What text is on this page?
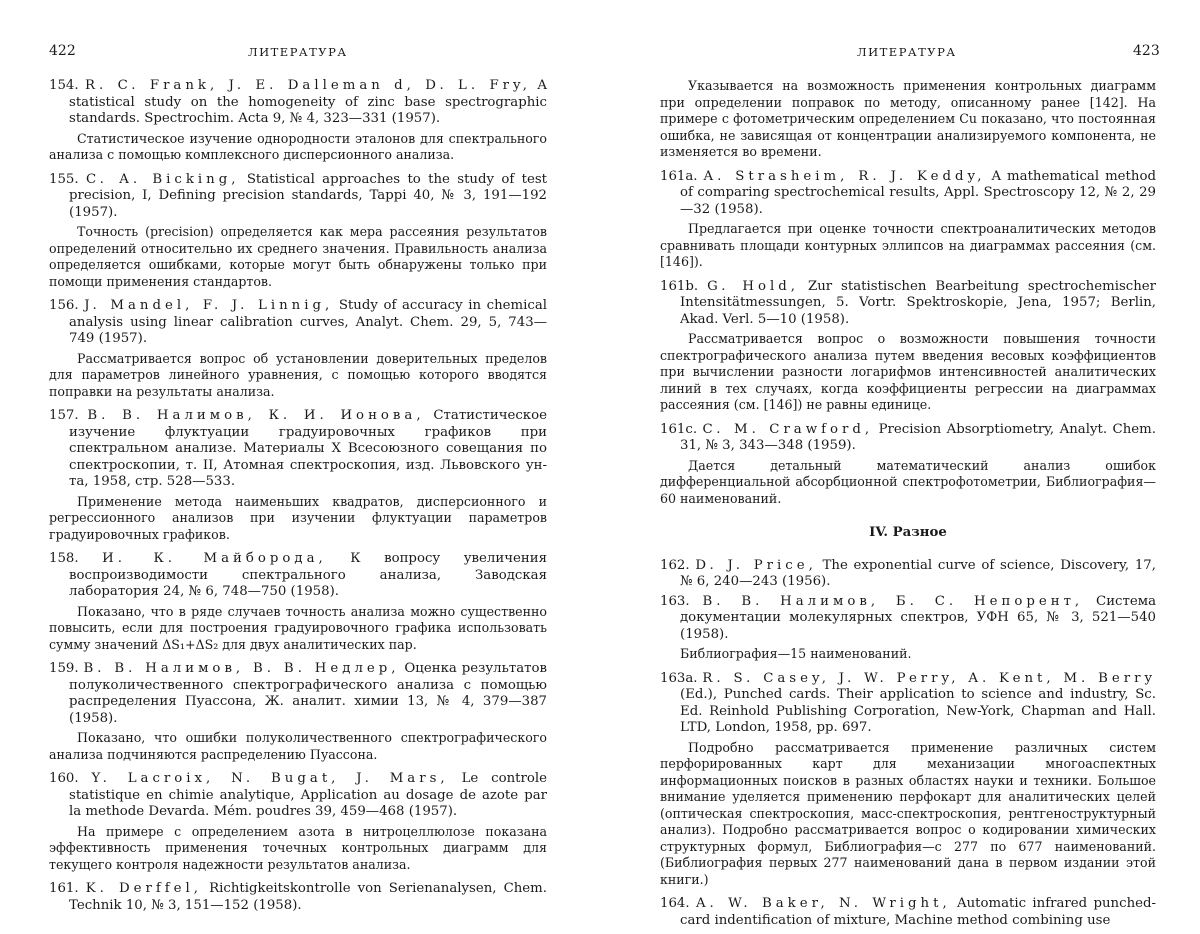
422	ЛИТЕРАТУРА

154. R. C. Frank, J. E. Dalleman d, D. L. Fry, A statistical study on the homogeneity of zinc base spectrographic standards. Spectrochim. Acta 9, № 4, 323—331 (1957).

Статистическое изучение однородности эталонов для спектрального анализа с помощью комплексного дисперсионного анализа.

155. C. A. Bicking, Statistical approaches to the study of test precision, I, Defining precision standards, Tappi 40, № 3, 191—192 (1957).

Точность (precision) определяется как мера рассеяния результатов определений относительно их среднего значения. Правильность анализа определяется ошибками, которые могут быть обнаружены только при помощи применения стандартов.

156. J. Mandel, F. J. Linnig, Study of accuracy in chemical analysis using linear calibration curves, Analyt. Chem. 29, 5, 743—749 (1957).

Рассматривается вопрос об установлении доверительных пределов для параметров линейного уравнения, с помощью которого вводятся поправки на результаты анализа.

157. В. В. Налимов, К. И. Ионова, Статистическое изучение флуктуации градуировочных графиков при спектральном анализе. Материалы X Всесоюзного совещания по спектроскопии, т. II, Атомная спектроскопия, изд. Львовского ун-та, 1958, стр. 528—533.

Применение метода наименьших квадратов, дисперсионного и регрессионного анализов при изучении флуктуации параметров градуировочных графиков.

158. И. К. Майборода, К вопросу увеличения воспроизводимости спектрального анализа, Заводская лаборатория 24, № 6, 748—750 (1958).

Показано, что в ряде случаев точность анализа можно существенно повысить, если для построения градуировочного графика использовать сумму значений ΔS₁+ΔS₂ для двух аналитических пар.

159. В. В. Налимов, В. В. Недлер, Оценка результатов полуколичественного спектрографического анализа с помощью распределения Пуассона, Ж. аналит. химии 13, № 4, 379—387 (1958).

Показано, что ошибки полуколичественного спектрографического анализа подчиняются распределению Пуассона.

160. Y. Lacroix, N. Bugat, J. Mars, Le controle statistique en chimie analytique, Application au dosage de azote par la methode Devarda. Mém. poudres 39, 459—468 (1957).

На примере с определением азота в нитроцеллюлозе показана эффективность применения точечных контрольных диаграмм для текущего контроля надежности результатов анализа.

161. K. Derffel, Richtigkeitskontrolle von Serienanalysen, Chem. Technik 10, № 3, 151—152 (1958).

ЛИТЕРАТУРА	423

Указывается на возможность применения контрольных диаграмм при определении поправок по методу, описанному ранее [142]. На примере с фотометрическим определением Cu показано, что постоянная ошибка, не зависящая от концентрации анализируемого компонента, не изменяется во времени.

161a. A. Strasheim, R. J. Keddy, A mathematical method of comparing spectrochemical results, Appl. Spectroscopy 12, № 2, 29—32 (1958).

Предлагается при оценке точности спектроаналитических методов сравнивать площади контурных эллипсов на диаграммах рассеяния (см. [146]).

161b. G. Hold, Zur statistischen Bearbeitung spectrochemischer Intensitätmessungen, 5. Vortr. Spektroskopie, Jena, 1957; Berlin, Akad. Verl. 5—10 (1958).

Рассматривается вопрос о возможности повышения точности спектрографического анализа путем введения весовых коэффициентов при вычислении разности логарифмов интенсивностей аналитических линий в тех случаях, когда коэффициенты регрессии на диаграммах рассеяния (см. [146]) не равны единице.

161c. C. M. Crawford, Precision Absorptiometry, Analyt. Chem. 31, № 3, 343—348 (1959).

Дается детальный математический анализ ошибок дифференциальной абсорбционной спектрофотометрии, Библиография—60 наименований.

IV. Разное

162. D. J. Price, The exponential curve of science, Discovery, 17, № 6, 240—243 (1956).

163. В. В. Налимов, Б. С. Непорент, Система документации молекулярных спектров, УФН 65, № 3, 521—540 (1958).

Библиография—15 наименований.

163a. R. S. Casey, J. W. Perry, A. Kent, M. Berry (Ed.), Punched cards. Their application to science and industry, Sc. Ed. Reinhold Publishing Corporation, New-York, Chapman and Hall. LTD, London, 1958, pp. 697.

Подробно рассматривается применение различных систем перфорированных карт для механизации многоаспектных информационных поисков в разных областях науки и техники. Большое внимание уделяется применению перфокарт для аналитических целей (оптическая спектроскопия, масс-спектроскопия, рентгеноструктурный анализ). Подробно рассматривается вопрос о кодировании химических структурных формул, Библиография—с 277 по 677 наименований. (Библиография первых 277 наименований дана в первом издании этой книги.)

164. A. W. Baker, N. Wright, Automatic infrared punched-card indentification of mixture, Machine method combining use
